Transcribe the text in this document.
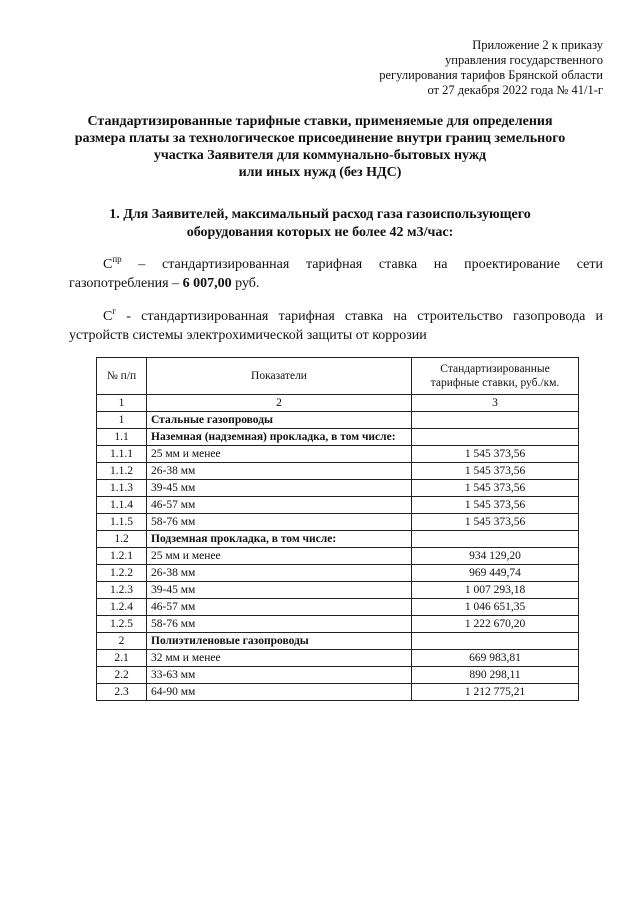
Приложение 2 к приказу
управления государственного
регулирования тарифов Брянской области
от 27 декабря 2022 года № 41/1-г
Стандартизированные тарифные ставки, применяемые для определения
размера платы за технологическое присоединение внутри границ земельного
участка Заявителя для коммунально-бытовых нужд
или иных нужд (без НДС)
1. Для Заявителей, максимальный расход газа газоиспользующего
оборудования которых не более 42 м3/час:
$С^{пр}$ – стандартизированная тарифная ставка на проектирование сети
газопотребления – 6 007,00 руб.
$С^г$ - стандартизированная тарифная ставка на строительство газопровода и
устройств системы электрохимической защиты от коррозии
№ п/п	Показатели	Стандартизированные тарифные ставки, руб./км.
1	2	3
1	Стальные газопроводы	
1.1	Наземная (надземная) прокладка, в том числе:	
1.1.1	25 мм и менее	1 545 373,56
1.1.2	26-38 мм	1 545 373,56
1.1.3	39-45 мм	1 545 373,56
1.1.4	46-57 мм	1 545 373,56
1.1.5	58-76 мм	1 545 373,56
1.2	Подземная прокладка, в том числе:	
1.2.1	25 мм и менее	934 129,20
1.2.2	26-38 мм	969 449,74
1.2.3	39-45 мм	1 007 293,18
1.2.4	46-57 мм	1 046 651,35
1.2.5	58-76 мм	1 222 670,20
2	Полиэтиленовые газопроводы	
2.1	32 мм и менее	669 983,81
2.2	33-63 мм	890 298,11
2.3	64-90 мм	1 212 775,21
